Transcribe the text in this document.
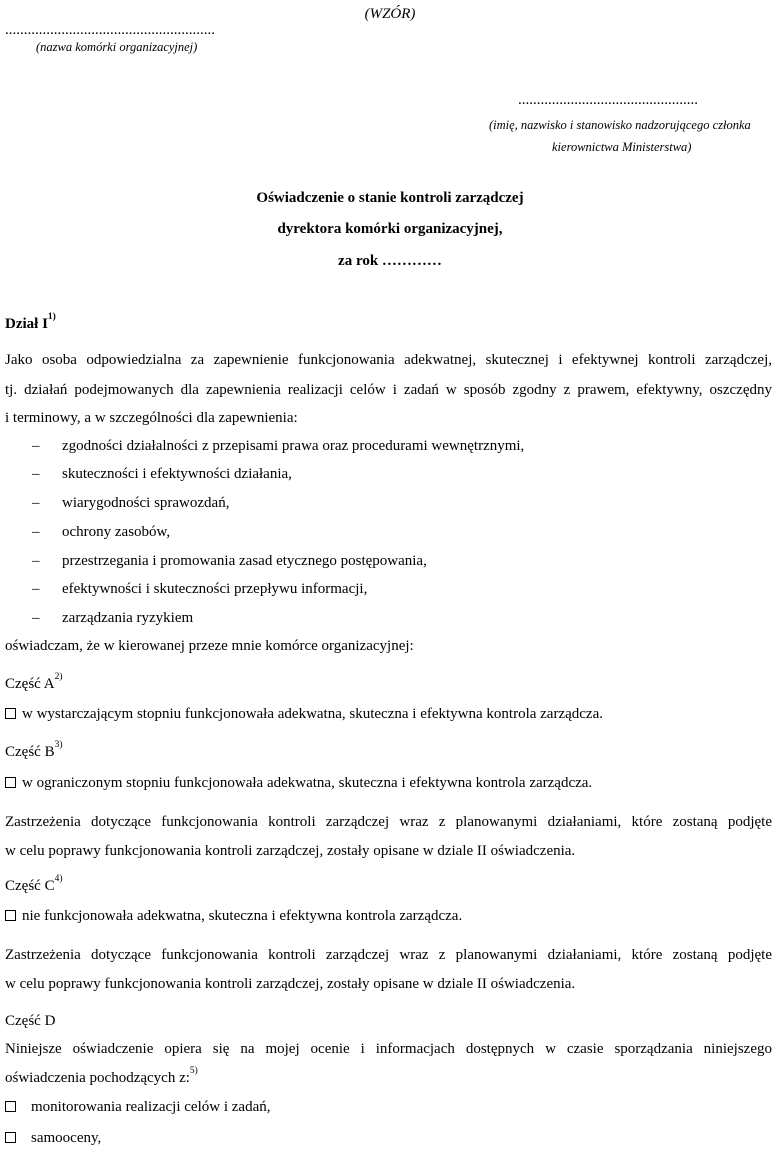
(WZÓR)
........................................................
(nazwa komórki organizacyjnej)
................................................
(imię, nazwisko i stanowisko nadzorującego członka
kierownictwa Ministerstwa)
Oświadczenie o stanie kontroli zarządczej
dyrektora komórki organizacyjnej,
za rok …………
Dział $I^{1)}$
Jako osoba odpowiedzialna za zapewnienie funkcjonowania adekwatnej, skutecznej i efektywnej kontroli zarządczej,
tj. działań podejmowanych dla zapewnienia realizacji celów i zadań w sposób zgodny z prawem, efektywny, oszczędny
i terminowy, a w szczególności dla zapewnienia:
– zgodności działalności z przepisami prawa oraz procedurami wewnętrznymi,
– skuteczności i efektywności działania,
– wiarygodności sprawozdań,
– ochrony zasobów,
– przestrzegania i promowania zasad etycznego postępowania,
– efektywności i skuteczności przepływu informacji,
– zarządzania ryzykiem
oświadczam, że w kierowanej przeze mnie komórce organizacyjnej:
Część $A^{2)}$
w wystarczającym stopniu funkcjonowała adekwatna, skuteczna i efektywna kontrola zarządcza.
Część $B^{3)}$
w ograniczonym stopniu funkcjonowała adekwatna, skuteczna i efektywna kontrola zarządcza.
Zastrzeżenia dotyczące funkcjonowania kontroli zarządczej wraz z planowanymi działaniami, które zostaną podjęte
w celu poprawy funkcjonowania kontroli zarządczej, zostały opisane w dziale II oświadczenia.
Część $C^{4)}$
nie funkcjonowała adekwatna, skuteczna i efektywna kontrola zarządcza.
Zastrzeżenia dotyczące funkcjonowania kontroli zarządczej wraz z planowanymi działaniami, które zostaną podjęte
w celu poprawy funkcjonowania kontroli zarządczej, zostały opisane w dziale II oświadczenia.
Część D
Niniejsze oświadczenie opiera się na mojej ocenie i informacjach dostępnych w czasie sporządzania niniejszego
oświadczenia pochodzących z:$^{5)}$
monitorowania realizacji celów i zadań,
samooceny,
